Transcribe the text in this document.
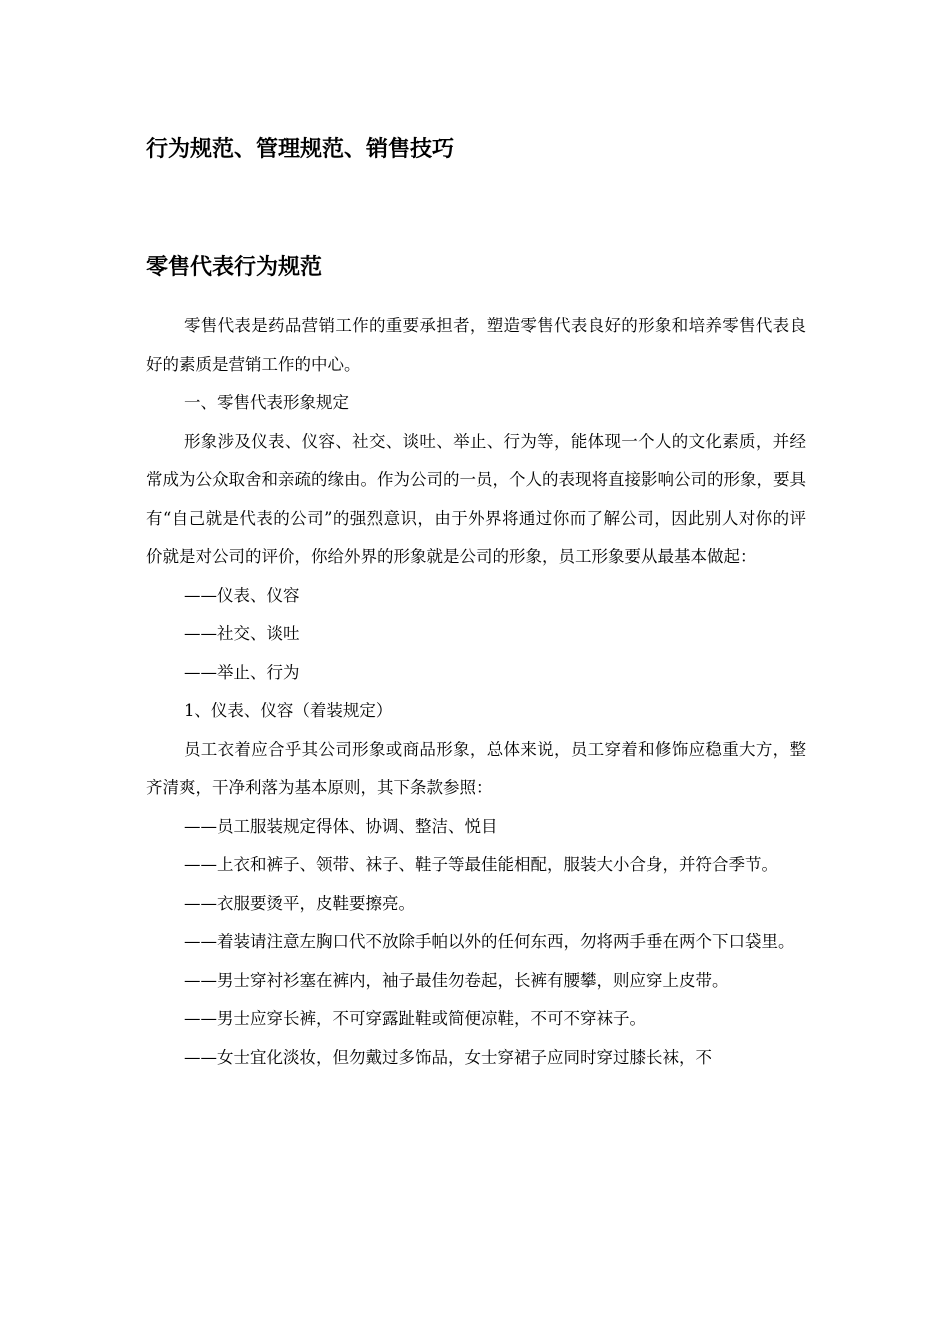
行为规范、管理规范、销售技巧
零售代表行为规范

零售代表是药品营销工作的重要承担者，塑造零售代表良好的形象和培养零售代表良好的素质是营销工作的中心。

一、零售代表形象规定

形象涉及仪表、仪容、社交、谈吐、举止、行为等，能体现一个人的文化素质，并经常成为公众取舍和亲疏的缘由。作为公司的一员，个人的表现将直接影响公司的形象，要具有“自己就是代表的公司”的强烈意识，由于外界将通过你而了解公司，因此别人对你的评价就是对公司的评价，你给外界的形象就是公司的形象，员工形象要从最基本做起：

——仪表、仪容

——社交、谈吐

——举止、行为

1、仪表、仪容（着装规定）

员工衣着应合乎其公司形象或商品形象，总体来说，员工穿着和修饰应稳重大方，整齐清爽，干净利落为基本原则，其下条款参照：

——员工服装规定得体、协调、整洁、悦目

——上衣和裤子、领带、袜子、鞋子等最佳能相配，服装大小合身，并符合季节。

——衣服要烫平，皮鞋要擦亮。

——着装请注意左胸口代不放除手帕以外的任何东西，勿将两手垂在两个下口袋里。

——男士穿衬衫塞在裤内，袖子最佳勿卷起，长裤有腰攀，则应穿上皮带。

——男士应穿长裤，不可穿露趾鞋或简便凉鞋，不可不穿袜子。

——女士宜化淡妆，但勿戴过多饰品，女士穿裙子应同时穿过膝长袜，不
